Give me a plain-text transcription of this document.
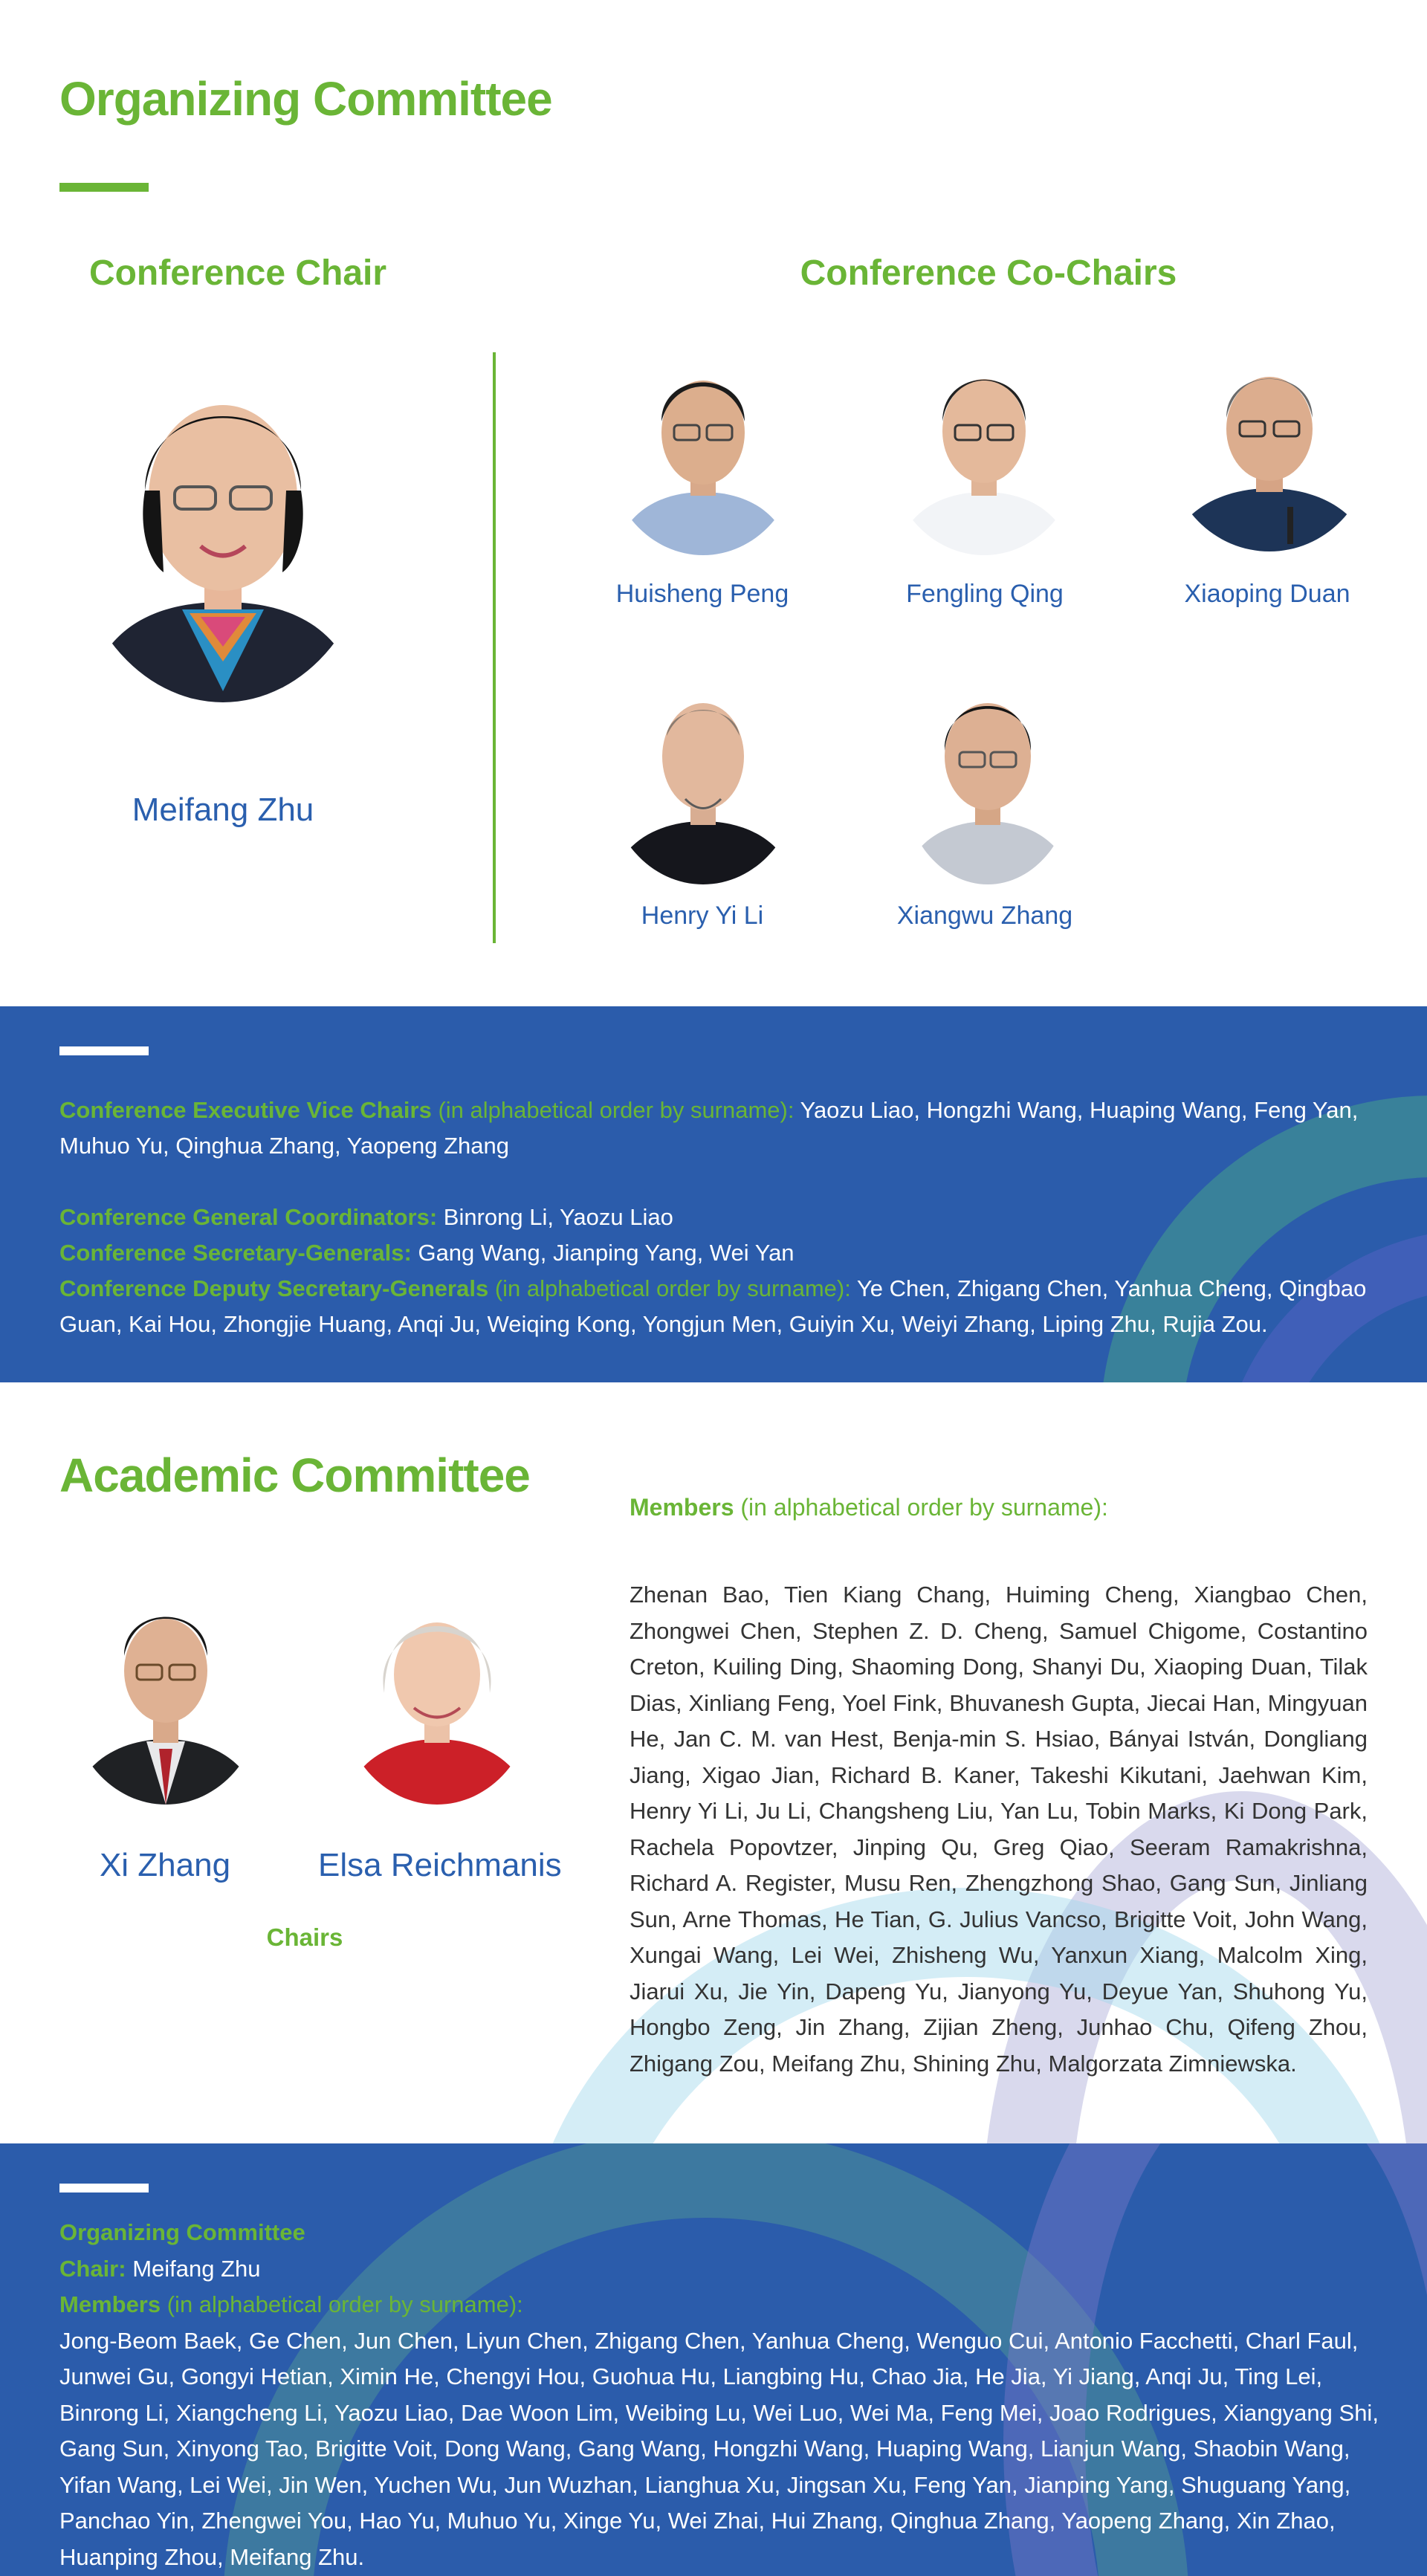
Organizing Committee
Conference Chair	Conference Co-Chairs
Meifang Zhu
Huisheng Peng	Fengling Qing	Xiaoping Duan
Henry Yi Li	Xiangwu Zhang

Conference Executive Vice Chairs (in alphabetical order by surname): Yaozu Liao, Hongzhi Wang, Huaping Wang, Feng Yan, Muhuo Yu, Qinghua Zhang, Yaopeng Zhang

Conference General Coordinators: Binrong Li, Yaozu Liao

Conference Secretary-Generals: Gang Wang, Jianping Yang, Wei Yan

Conference Deputy Secretary-Generals (in alphabetical order by surname): Ye Chen, Zhigang Chen, Yanhua Cheng, Qingbao Guan, Kai Hou, Zhongjie Huang, Anqi Ju, Weiqing Kong, Yongjun Men, Guiyin Xu, Weiyi Zhang, Liping Zhu, Rujia Zou.

Academic Committee

Members (in alphabetical order by surname):

Zhenan Bao, Tien Kiang Chang, Huiming Cheng, Xiangbao Chen, Zhongwei Chen, Stephen Z. D. Cheng, Samuel Chigome, Costantino Creton, Kuiling Ding, Shaoming Dong, Shanyi Du, Xiaoping Duan, Tilak Dias, Xinliang Feng, Yoel Fink, Bhuvanesh Gupta, Jiecai Han, Mingyuan He, Jan C. M. van Hest, Benja-min S. Hsiao, Bányai István, Dongliang Jiang, Xigao Jian, Richard B. Kaner, Takeshi Kikutani, Jaehwan Kim, Henry Yi Li, Ju Li, Changsheng Liu, Yan Lu, Tobin Marks, Ki Dong Park, Rachela Popovtzer, Jinping Qu, Greg Qiao, Seeram Ramakrishna, Richard A. Register, Musu Ren, Zhengzhong Shao, Gang Sun, Jinliang Sun, Arne Thomas, He Tian, G. Julius Vancso, Brigitte Voit, John Wang, Xungai Wang, Lei Wei, Zhisheng Wu, Yanxun Xiang, Malcolm Xing, Jiarui Xu, Jie Yin, Dapeng Yu, Jianyong Yu, Deyue Yan, Shuhong Yu, Hongbo Zeng, Jin Zhang, Zijian Zheng, Junhao Chu, Qifeng Zhou, Zhigang Zou, Meifang Zhu, Shining Zhu, Malgorzata Zimniewska.

Xi Zhang	Elsa Reichmanis
Chairs
Organizing Committee
Chair: Meifang Zhu
Members (in alphabetical order by surname):
Jong-Beom Baek, Ge Chen, Jun Chen, Liyun Chen, Zhigang Chen, Yanhua Cheng, Wenguo Cui, Antonio Facchetti, Charl Faul, Junwei Gu, Gongyi Hetian, Ximin He, Chengyi Hou, Guohua Hu, Liangbing Hu, Chao Jia, He Jia, Yi Jiang, Anqi Ju, Ting Lei, Binrong Li, Xiangcheng Li, Yaozu Liao, Dae Woon Lim, Weibing Lu, Wei Luo, Wei Ma, Feng Mei, Joao Rodrigues, Xiangyang Shi, Gang Sun, Xinyong Tao, Brigitte Voit, Dong Wang, Gang Wang, Hongzhi Wang, Huaping Wang, Lianjun Wang, Shaobin Wang, Yifan Wang, Lei Wei, Jin Wen, Yuchen Wu, Jun Wuzhan, Lianghua Xu, Jingsan Xu, Feng Yan, Jianping Yang, Shuguang Yang, Panchao Yin, Zhengwei You, Hao Yu, Muhuo Yu, Xinge Yu, Wei Zhai, Hui Zhang, Qinghua Zhang, Yaopeng Zhang, Xin Zhao, Huanping Zhou, Meifang Zhu.
